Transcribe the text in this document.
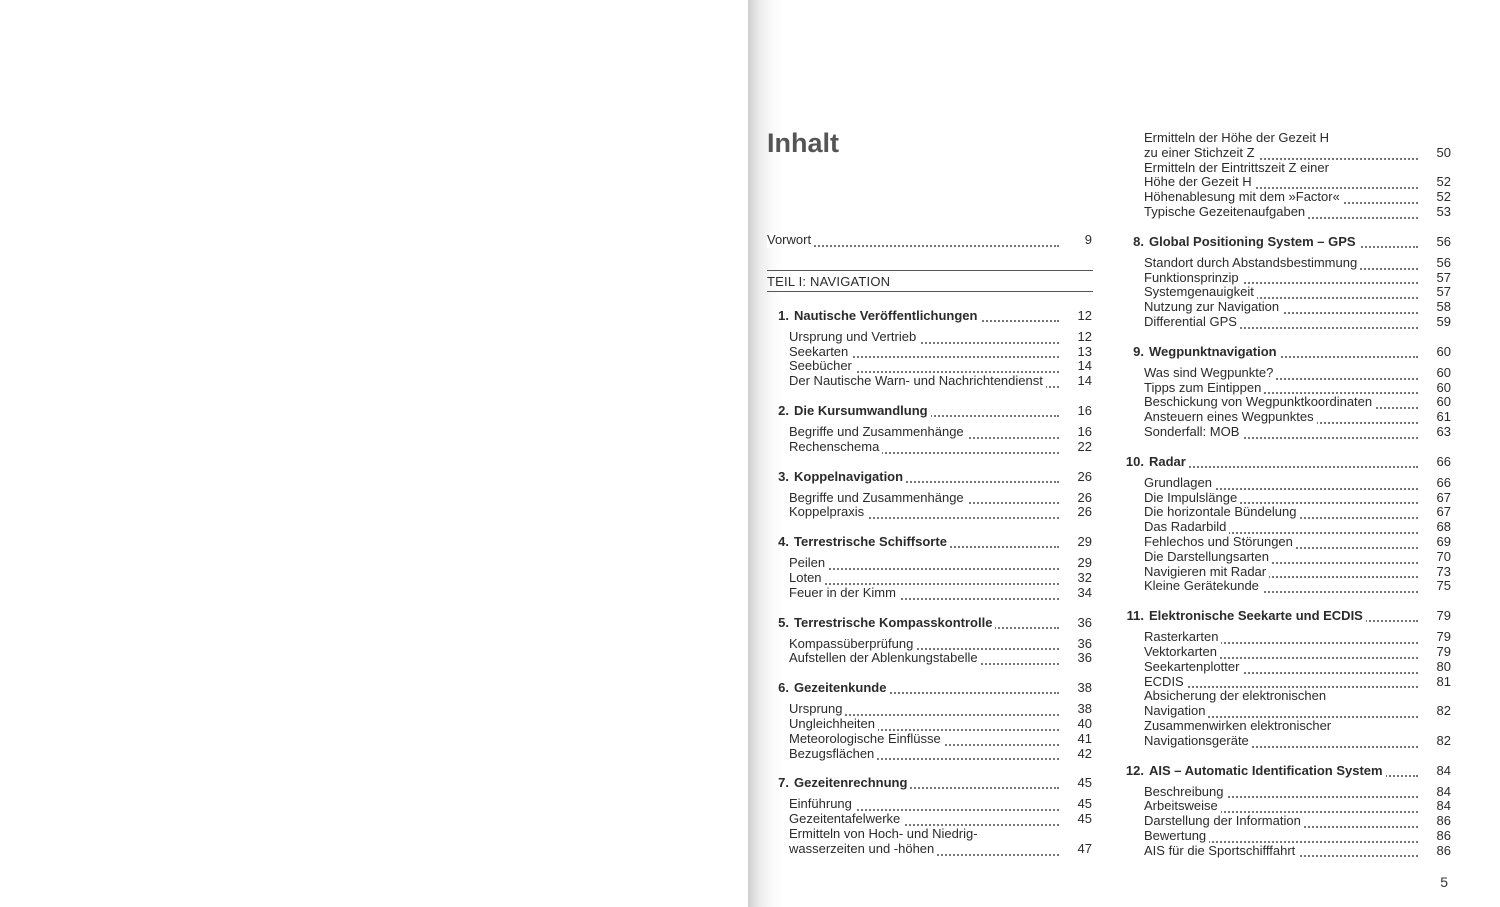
Inhalt
Vorwort	9
TEIL I: NAVIGATION
1. Nautische Veröffentlichungen	12
Ursprung und Vertrieb	12
Seekarten	13
Seebücher	14
Der Nautische Warn- und Nachrichtendienst	14
2. Die Kursumwandlung	16
Begriffe und Zusammenhänge	16
Rechenschema	22
3. Koppelnavigation	26
Begriffe und Zusammenhänge	26
Koppelpraxis	26
4. Terrestrische Schiffsorte	29
Peilen	29
Loten	32
Feuer in der Kimm	34
5. Terrestrische Kompasskontrolle	36
Kompassüberprüfung	36
Aufstellen der Ablenkungstabelle	36
6. Gezeitenkunde	38
Ursprung	38
Ungleichheiten	40
Meteorologische Einflüsse	41
Bezugsflächen	42
7. Gezeitenrechnung	45
Einführung	45
Gezeitentafelwerke	45
Ermitteln von Hoch- und Niedrig-
wasserzeiten und -höhen	47
Ermitteln der Höhe der Gezeit H
zu einer Stichzeit Z	50
Ermitteln der Eintrittszeit Z einer
Höhe der Gezeit H	52
Höhenablesung mit dem »Factor«	52
Typische Gezeitenaufgaben	53
8. Global Positioning System – GPS	56
Standort durch Abstandsbestimmung	56
Funktionsprinzip	57
Systemgenauigkeit	57
Nutzung zur Navigation	58
Differential GPS	59
9. Wegpunktnavigation	60
Was sind Wegpunkte?	60
Tipps zum Eintippen	60
Beschickung von Wegpunktkoordinaten	60
Ansteuern eines Wegpunktes	61
Sonderfall: MOB	63
10. Radar	66
Grundlagen	66
Die Impulslänge	67
Die horizontale Bündelung	67
Das Radarbild	68
Fehlechos und Störungen	69
Die Darstellungsarten	70
Navigieren mit Radar	73
Kleine Gerätekunde	75
11. Elektronische Seekarte und ECDIS	79
Rasterkarten	79
Vektorkarten	79
Seekartenplotter	80
ECDIS	81
Absicherung der elektronischen
Navigation	82
Zusammenwirken elektronischer
Navigationsgeräte	82
12. AIS – Automatic Identification System	84
Beschreibung	84
Arbeitsweise	84
Darstellung der Information	86
Bewertung	86
AIS für die Sportschifffahrt	86
5
